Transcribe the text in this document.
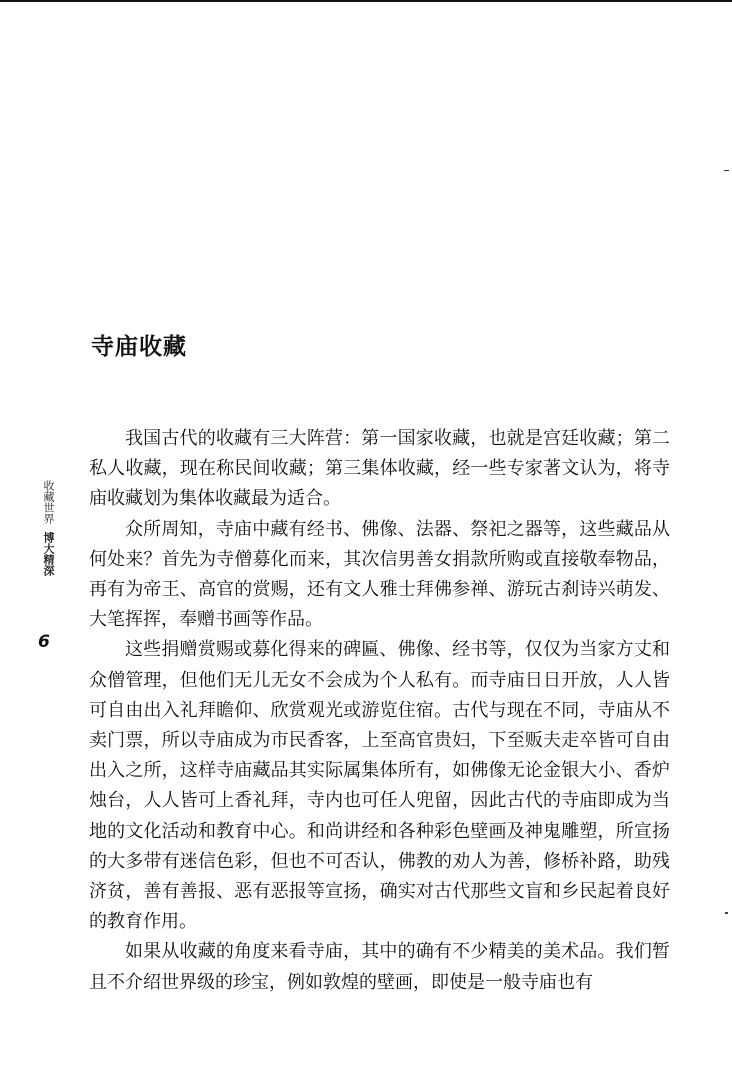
寺庙收藏
收藏世界
博大精深
6

我国古代的收藏有三大阵营：第一国家收藏，也就是宫廷收藏；第二私人收藏，现在称民间收藏；第三集体收藏，经一些专家著文认为，将寺庙收藏划为集体收藏最为适合。

众所周知，寺庙中藏有经书、佛像、法器、祭祀之器等，这些藏品从何处来？首先为寺僧募化而来，其次信男善女捐款所购或直接敬奉物品，再有为帝王、高官的赏赐，还有文人雅士拜佛参禅、游玩古刹诗兴萌发、大笔挥挥，奉赠书画等作品。

这些捐赠赏赐或募化得来的碑匾、佛像、经书等，仅仅为当家方丈和众僧管理，但他们无儿无女不会成为个人私有。而寺庙日日开放，人人皆可自由出入礼拜瞻仰、欣赏观光或游览住宿。古代与现在不同，寺庙从不卖门票，所以寺庙成为市民香客，上至高官贵妇，下至贩夫走卒皆可自由出入之所，这样寺庙藏品其实际属集体所有，如佛像无论金银大小、香炉烛台，人人皆可上香礼拜，寺内也可任人兜留，因此古代的寺庙即成为当地的文化活动和教育中心。和尚讲经和各种彩色壁画及神鬼雕塑，所宣扬的大多带有迷信色彩，但也不可否认，佛教的劝人为善，修桥补路，助残济贫，善有善报、恶有恶报等宣扬，确实对古代那些文盲和乡民起着良好的教育作用。

如果从收藏的角度来看寺庙，其中的确有不少精美的美术品。我们暂且不介绍世界级的珍宝，例如敦煌的壁画，即使是一般寺庙也有
